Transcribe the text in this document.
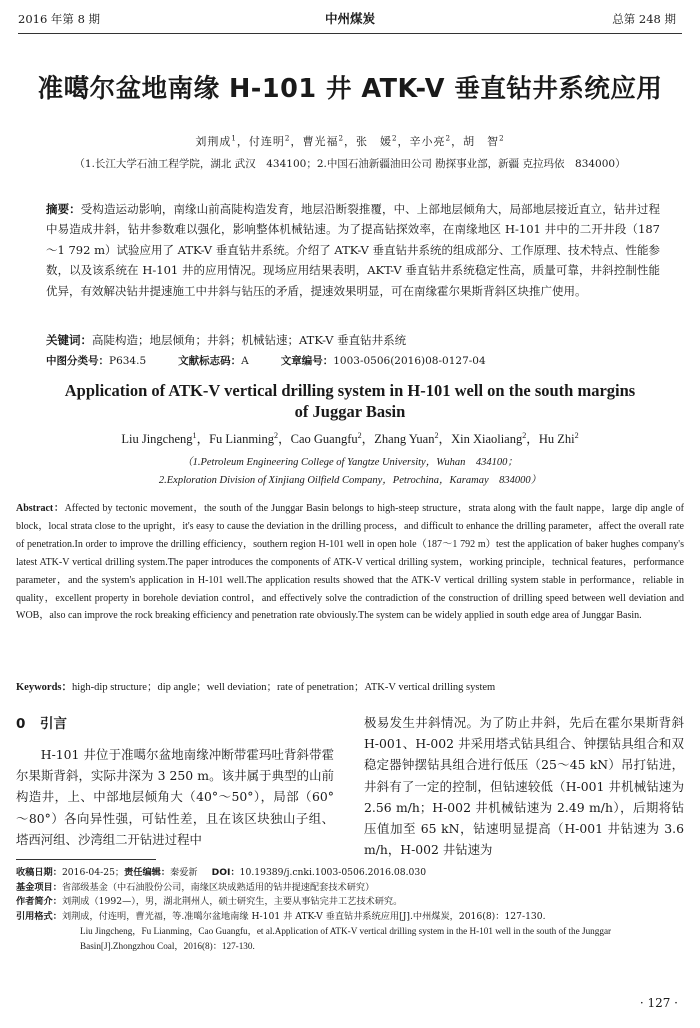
2016 年第 8 期	中州煤炭	总第 248 期
准噶尔盆地南缘 H-101 井 ATK-V 垂直钻井系统应用
刘荆成$^1$，付连明$^2$，曹光福$^2$，张　媛$^2$，辛小亮$^2$，胡　智$^2$
（1.长江大学石油工程学院，湖北 武汉　434100；2.中国石油新疆油田公司 勘探事业部，新疆 克拉玛依　834000）
摘要：受构造运动影响，南缘山前高陡构造发育，地层沿断裂推覆，中、上部地层倾角大，局部地层接近直立，钻井过程中易造成井斜，钻井参数难以强化，影响整体机械钻速。为了提高钻探效率，在南缘地区 H-101 井中的二开井段（187～1 792 m）试验应用了 ATK-V 垂直钻井系统。介绍了 ATK-V 垂直钻井系统的组成部分、工作原理、技术特点、性能参数，以及该系统在 H-101 井的应用情况。现场应用结果表明，AKT-V 垂直钻井系统稳定性高，质量可靠，井斜控制性能优异，有效解决钻井提速施工中井斜与钻压的矛盾，提速效果明显，可在南缘霍尔果斯背斜区块推广使用。
关键词：高陡构造；地层倾角；井斜；机械钻速；ATK-V 垂直钻井系统
中图分类号：P634.5	文献标志码：A	文章编号：1003-0506(2016)08-0127-04
Application of ATK-V vertical drilling system in H-101 well on the south margins of Juggar Basin
Liu Jingcheng$^1$，Fu Lianming$^2$，Cao Guangfu$^2$，Zhang Yuan$^2$，Xin Xiaoliang$^2$，Hu Zhi$^2$
（1.Petroleum Engineering College of Yangtze University，Wuhan　434100；
2.Exploration Division of Xinjiang Oilfield Company，Petrochina，Karamay　834000）
Abstract：Affected by tectonic movement，the south of the Junggar Basin belongs to high-steep structure，strata along with the fault nappe，large dip angle of block，local strata close to the upright，it's easy to cause the deviation in the drilling process，and difficult to enhance the drilling parameter，affect the overall rate of penetration.In order to improve the drilling efficiency，southern region H-101 well in open hole（187～1 792 m）test the application of baker hughes company's latest ATK-V vertical drilling system.The paper introduces the components of ATK-V vertical drilling system，working principle，technical features，performance parameter，and the system's application in H-101 well.The application results showed that the ATK-V vertical drilling system stable in performance，reliable in quality，excellent property in borehole deviation control，and effectively solve the contradiction of the construction of drilling speed between well deviation and WOB，also can improve the rock breaking efficiency and penetration rate obviously.The system can be widely applied in south edge area of Junggar Basin.
Keywords：high-dip structure；dip angle；well deviation；rate of penetration；ATK-V vertical drilling system
0 引言
H-101 井位于准噶尔盆地南缘冲断带霍玛吐背斜带霍尔果斯背斜，实际井深为 3 250 m。该井属于典型的山前构造井，上、中部地层倾角大（40°～50°），局部（60°～80°）各向异性强，可钻性差，且在该区块独山子组、塔西河组、沙湾组二开钻进过程中
极易发生井斜情况。为了防止井斜，先后在霍尔果斯背斜 H-001、H-002 井采用塔式钻具组合、钟摆钻具组合和双稳定器钟摆钻具组合进行低压（25～45 kN）吊打钻进，井斜有了一定的控制，但钻速较低（H-001 井机械钻速为 2.56 m/h；H-002 井机械钻速为 2.49 m/h），后期将钻压值加至 65 kN，钻速明显提高（H-001 井钻速为 3.6 m/h，H-002 井钻速为
收稿日期： 2016-04-25；责任编辑：秦爱新 DOI：10.19389/j.cnki.1003-0506.2016.08.030
基金项目： 省部级基金（中石油股份公司，南缘区块成熟适用的钻井提速配套技术研究）
作者简介： 刘荆成（1992—），男，湖北荆州人，硕士研究生，主要从事钻完井工艺技术研究。
引用格式： 刘荆成，付连明，曹光福，等.准噶尔盆地南缘 H-101 井 ATK-V 垂直钻井系统应用[J].中州煤炭，2016(8)：127-130.
Liu Jingcheng，Fu Lianming，Cao Guangfu，et al.Application of ATK-V vertical drilling system in the H-101 well in the south of the Junggar Basin[J].Zhongzhou Coal，2016(8)：127-130.
· 127 ·
